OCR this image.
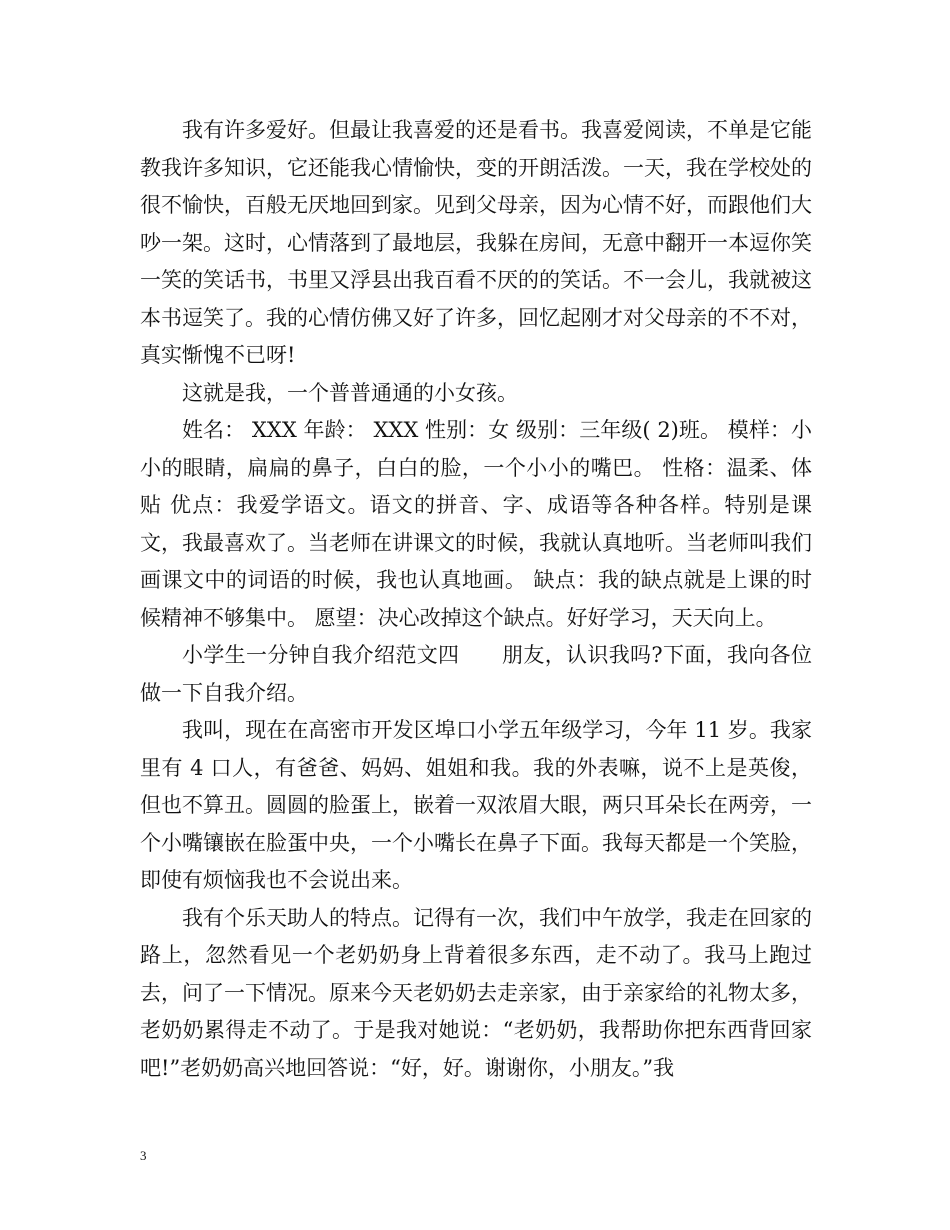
我有许多爱好。但最让我喜爱的还是看书。我喜爱阅读，不单是它能教我许多知识，它还能我心情愉快，变的开朗活泼。一天，我在学校处的很不愉快，百般无厌地回到家。见到父母亲，因为心情不好，而跟他们大吵一架。这时，心情落到了最地层，我躲在房间，无意中翻开一本逗你笑一笑的笑话书，书里又浮县出我百看不厌的的笑话。不一会儿，我就被这本书逗笑了。我的心情仿佛又好了许多，回忆起刚才对父母亲的不不对，真实惭愧不已呀!

这就是我，一个普普通通的小女孩。

姓名： XXX 年龄： XXX 性别：女 级别：三年级( 2)班。 模样：小小的眼睛，扁扁的鼻子，白白的脸，一个小小的嘴巴。 性格：温柔、体贴 优点：我爱学语文。语文的拼音、字、成语等各种各样。特别是课文，我最喜欢了。当老师在讲课文的时候，我就认真地听。当老师叫我们画课文中的词语的时候，我也认真地画。 缺点：我的缺点就是上课的时候精神不够集中。 愿望：决心改掉这个缺点。好好学习，天天向上。

小学生一分钟自我介绍范文四　　朋友，认识我吗?下面，我向各位做一下自我介绍。

我叫，现在在高密市开发区埠口小学五年级学习，今年 11 岁。我家里有 4 口人，有爸爸、妈妈、姐姐和我。我的外表嘛，说不上是英俊，但也不算丑。圆圆的脸蛋上，嵌着一双浓眉大眼，两只耳朵长在两旁，一个小嘴镶嵌在脸蛋中央，一个小嘴长在鼻子下面。我每天都是一个笑脸，即使有烦恼我也不会说出来。

我有个乐天助人的特点。记得有一次，我们中午放学，我走在回家的路上，忽然看见一个老奶奶身上背着很多东西，走不动了。我马上跑过去，问了一下情况。原来今天老奶奶去走亲家，由于亲家给的礼物太多，老奶奶累得走不动了。于是我对她说：“老奶奶，我帮助你把东西背回家吧!”老奶奶高兴地回答说：“好，好。谢谢你，小朋友。”我

3
